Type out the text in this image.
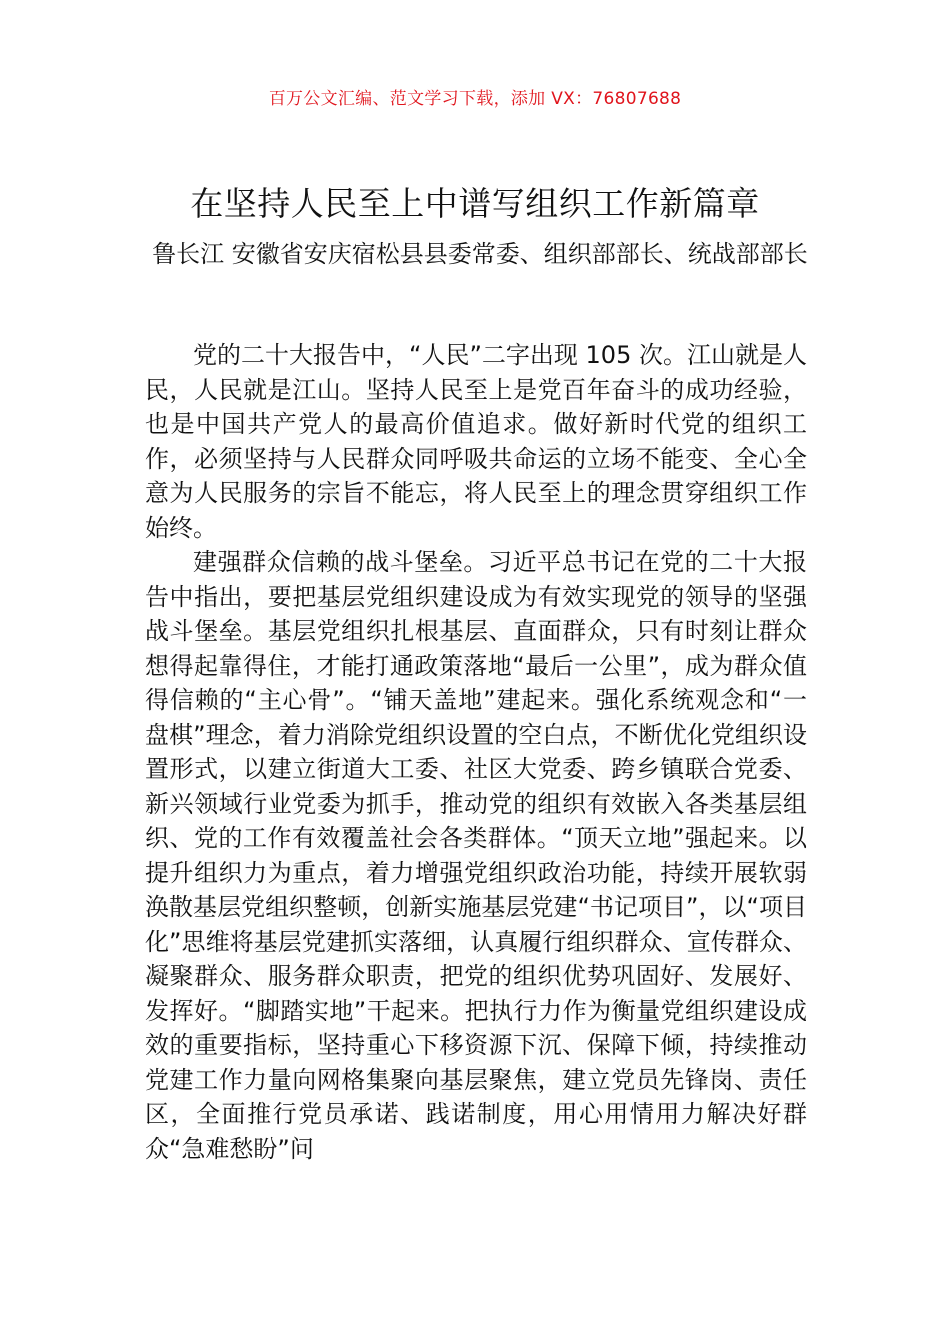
百万公文汇编、范文学习下载，添加 VX：76807688
在坚持人民至上中谱写组织工作新篇章
鲁长江 安徽省安庆宿松县县委常委、组织部部长、统战部部长

党的二十大报告中，“人民”二字出现 105 次。江山就是人民，人民就是江山。坚持人民至上是党百年奋斗的成功经验，也是中国共产党人的最高价值追求。做好新时代党的组织工作，必须坚持与人民群众同呼吸共命运的立场不能变、全心全意为人民服务的宗旨不能忘，将人民至上的理念贯穿组织工作始终。

建强群众信赖的战斗堡垒。习近平总书记在党的二十大报告中指出，要把基层党组织建设成为有效实现党的领导的坚强战斗堡垒。基层党组织扎根基层、直面群众，只有时刻让群众想得起靠得住，才能打通政策落地“最后一公里”，成为群众值得信赖的“主心骨”。“铺天盖地”建起来。强化系统观念和“一盘棋”理念，着力消除党组织设置的空白点，不断优化党组织设置形式，以建立街道大工委、社区大党委、跨乡镇联合党委、新兴领域行业党委为抓手，推动党的组织有效嵌入各类基层组织、党的工作有效覆盖社会各类群体。“顶天立地”强起来。以提升组织力为重点，着力增强党组织政治功能，持续开展软弱涣散基层党组织整顿，创新实施基层党建“书记项目”，以“项目化”思维将基层党建抓实落细，认真履行组织群众、宣传群众、凝聚群众、服务群众职责，把党的组织优势巩固好、发展好、发挥好。“脚踏实地”干起来。把执行力作为衡量党组织建设成效的重要指标，坚持重心下移资源下沉、保障下倾，持续推动党建工作力量向网格集聚向基层聚焦，建立党员先锋岗、责任区，全面推行党员承诺、践诺制度，用心用情用力解决好群众“急难愁盼”问
